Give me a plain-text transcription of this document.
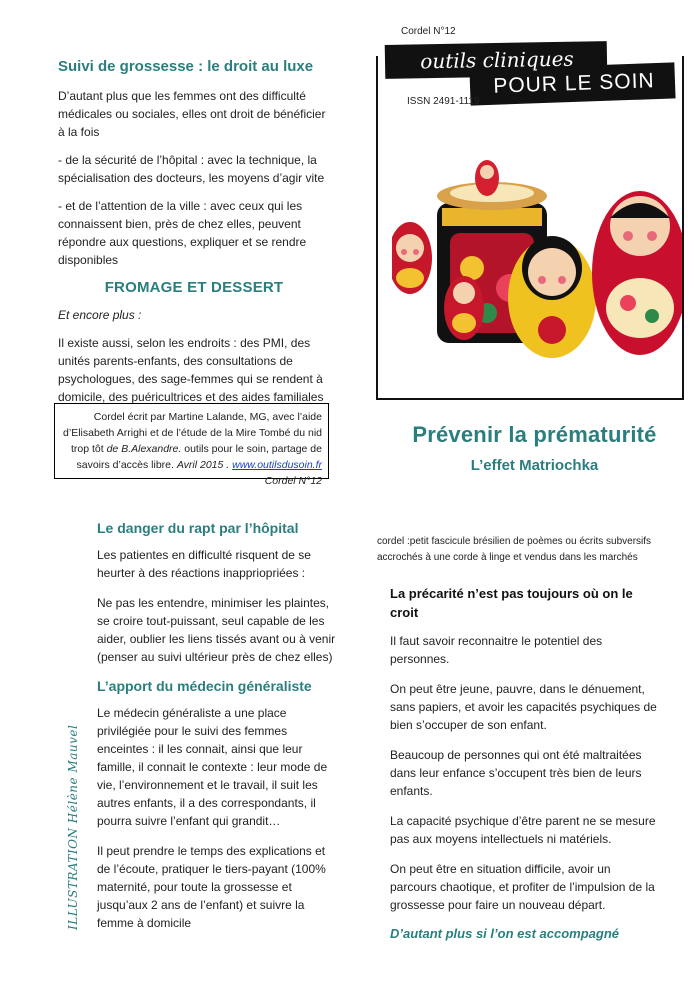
Suivi de grossesse : le droit au luxe

D’autant plus que les femmes ont des difficulté médicales ou sociales, elles ont droit de bénéficier à la fois

- de la sécurité de l’hôpital : avec la technique, la spécialisation des docteurs, les moyens d’agir vite

- et de l’attention de la ville : avec ceux qui les connaissent bien, près de chez elles, peuvent répondre aux questions, expliquer et se rendre disponibles

FROMAGE ET DESSERT

Et encore plus :

Il existe aussi, selon les endroits : des PMI, des unités parents-enfants, des consultations de psychologues, des sage-femmes qui se rendent à domicile, des puéricultrices et des aides familiales

Cordel écrit par Martine Lalande, MG, avec l’aide d’Elisabeth Arrighi et de l’étude de la Mire Tombé du nid trop tôt de B.Alexandre. outils pour le soin, partage de savoirs d’accès libre. Avril 2015 . www.outilsdusoin.fr Cordel N°12
Cordel N°12
outils cliniques
POUR LE SOIN
ISSN 2491-1119
Prévenir la prématurité
L’effet Matriochka
Le danger du rapt par l’hôpital

Les patientes en difficulté risquent de se heurter à des réactions inappriopriées :

Ne pas les entendre, minimiser les plaintes, se croire tout-puissant, seul capable de les aider, oublier les liens tissés avant ou à venir (penser au suivi ultérieur près de chez elles)

L’apport du médecin généraliste

Le médecin généraliste a une place privilégiée pour le suivi des femmes enceintes : il les connait, ainsi que leur famille, il connait le contexte : leur mode de vie, l’environnement et le travail, il suit les autres enfants, il a des correspondants, il pourra suivre l’enfant qui grandit…

Il peut prendre le temps des explications et de l’écoute, pratiquer le tiers-payant (100% maternité, pour toute la grossesse et jusqu’aux 2 ans de l’enfant) et suivre la femme à domicile

ILLUSTRATION Hélène Mauvel
cordel :petit fascicule brésilien de poèmes ou écrits subversifs accrochés à une corde à linge et vendus dans les marchés
La précarité n’est pas toujours où on le croit

Il faut savoir reconnaitre le potentiel des personnes.

On peut être jeune, pauvre, dans le dénuement, sans papiers, et avoir les capacités psychiques de bien s’occuper de son enfant.

Beaucoup de personnes qui ont été maltraitées dans leur enfance s’occupent très bien de leurs enfants.

La capacité psychique d’être parent ne se mesure pas aux moyens intellectuels ni matériels.

On peut être en situation difficile, avoir un parcours chaotique, et profiter de l’impulsion de la grossesse pour faire un nouveau départ.

D’autant plus si l’on est accompagné
